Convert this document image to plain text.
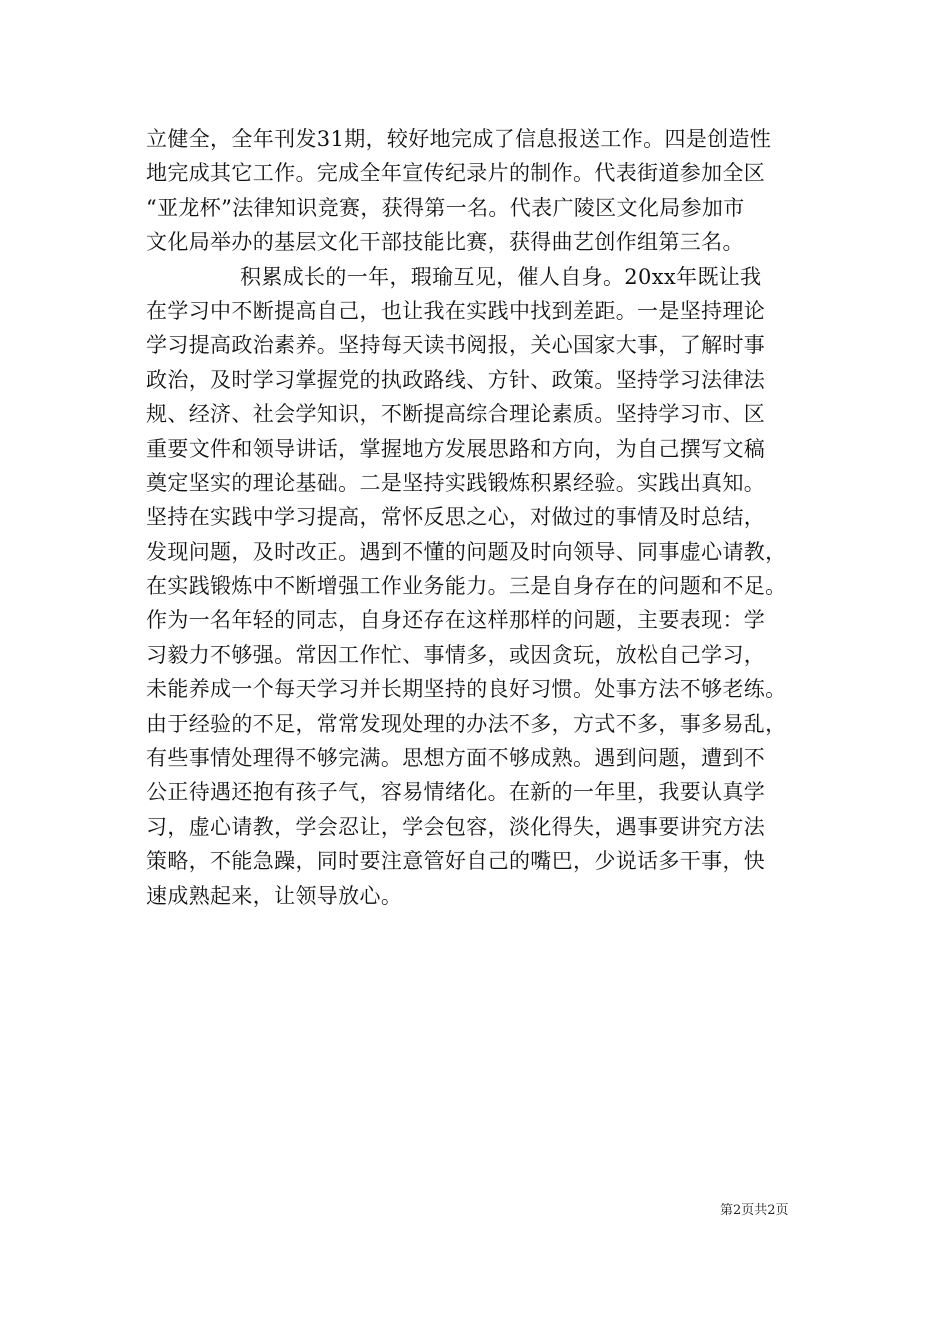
立健全，全年刊发31期，较好地完成了信息报送工作。四是创造性
地完成其它工作。完成全年宣传纪录片的制作。代表街道参加全区
“亚龙杯”法律知识竞赛，获得第一名。代表广陵区文化局参加市
文化局举办的基层文化干部技能比赛，获得曲艺创作组第三名。
积累成长的一年，瑕瑜互见，催人自身。20xx年既让我
在学习中不断提高自己，也让我在实践中找到差距。一是坚持理论
学习提高政治素养。坚持每天读书阅报，关心国家大事，了解时事
政治，及时学习掌握党的执政路线、方针、政策。坚持学习法律法
规、经济、社会学知识，不断提高综合理论素质。坚持学习市、区
重要文件和领导讲话，掌握地方发展思路和方向，为自己撰写文稿
奠定坚实的理论基础。二是坚持实践锻炼积累经验。实践出真知。
坚持在实践中学习提高，常怀反思之心，对做过的事情及时总结，
发现问题，及时改正。遇到不懂的问题及时向领导、同事虚心请教，
在实践锻炼中不断增强工作业务能力。三是自身存在的问题和不足。
作为一名年轻的同志，自身还存在这样那样的问题，主要表现：学
习毅力不够强。常因工作忙、事情多，或因贪玩，放松自己学习，
未能养成一个每天学习并长期坚持的良好习惯。处事方法不够老练。
由于经验的不足，常常发现处理的办法不多，方式不多，事多易乱，
有些事情处理得不够完满。思想方面不够成熟。遇到问题，遭到不
公正待遇还抱有孩子气，容易情绪化。在新的一年里，我要认真学
习，虚心请教，学会忍让，学会包容，淡化得失，遇事要讲究方法
策略，不能急躁，同时要注意管好自己的嘴巴，少说话多干事，快
速成熟起来，让领导放心。
第2页共2页
